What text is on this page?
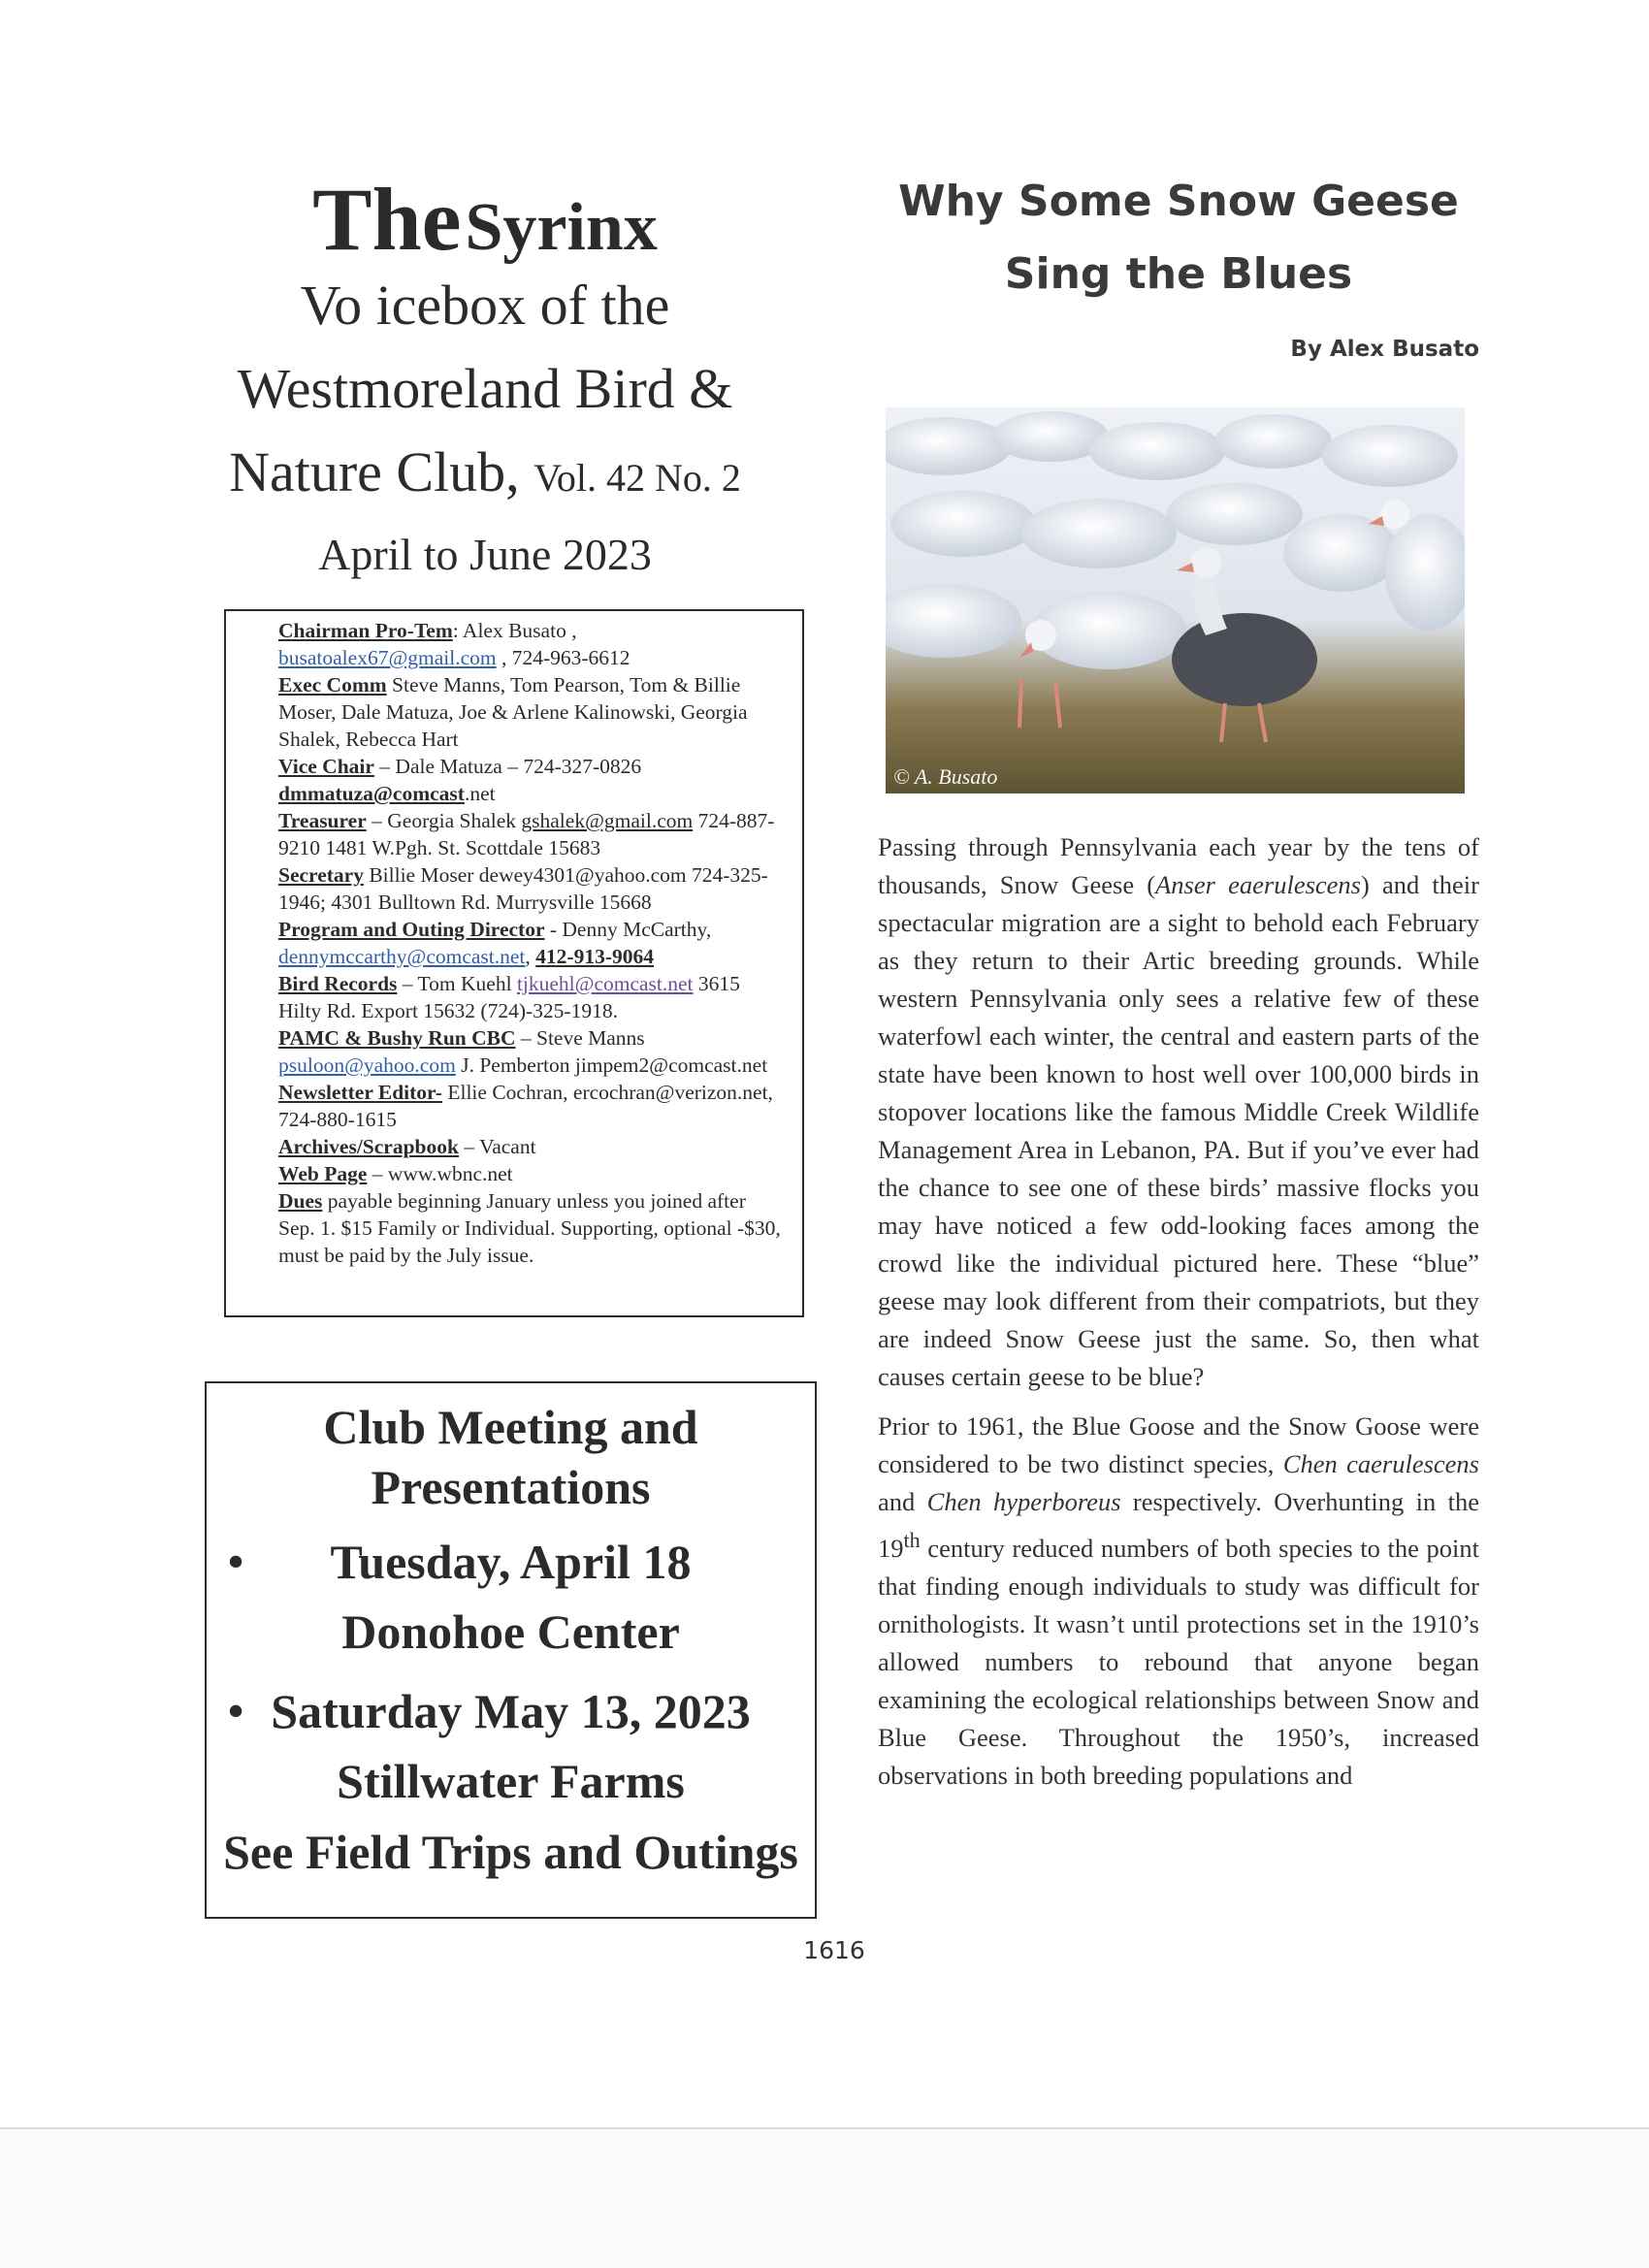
The Syrinx

Vo icebox of the
Westmoreland Bird &
Nature Club, Vol. 42 No. 2
April to June 2023

Chairman Pro-Tem: Alex Busato , busatoalex67@gmail.com , 724-963-6612

Exec Comm Steve Manns, Tom Pearson, Tom & Billie Moser, Dale Matuza, Joe & Arlene Kalinowski, Georgia Shalek, Rebecca Hart

Vice Chair – Dale Matuza – 724-327-0826 dmmatuza@comcast.net

Treasurer – Georgia Shalek gshalek@gmail.com 724-887-9210 1481 W.Pgh. St. Scottdale 15683

Secretary Billie Moser dewey4301@yahoo.com 724-325-1946; 4301 Bulltown Rd. Murrysville 15668

Program and Outing Director - Denny McCarthy, dennymccarthy@comcast.net, 412-913-9064

Bird Records – Tom Kuehl tjkuehl@comcast.net 3615 Hilty Rd. Export 15632 (724)-325-1918.

PAMC & Bushy Run CBC – Steve Manns
psuloon@yahoo.com J. Pemberton jimpem2@comcast.net

Newsletter Editor- Ellie Cochran, ercochran@verizon.net, 724-880-1615

Archives/Scrapbook – Vacant

Web Page – www.wbnc.net

Dues payable beginning January unless you joined after Sep. 1. $15 Family or Individual. Supporting, optional -$30, must be paid by the July issue.

Club Meeting and

Presentations

•	Tuesday, April 18

Donohoe Center

• Saturday May 13, 2023

Stillwater Farms

See Field Trips and Outings

Why Some Snow Geese
Sing the Blues
By Alex Busato
© A. Busato

Passing through Pennsylvania each year by the tens of thousands, Snow Geese (Anser eaerulescens) and their spectacular migration are a sight to behold each February as they return to their Artic breeding grounds. While western Pennsylvania only sees a relative few of these waterfowl each winter, the central and eastern parts of the state have been known to host well over 100,000 birds in stopover locations like the famous Middle Creek Wildlife Management Area in Lebanon, PA. But if you’ve ever had the chance to see one of these birds’ massive flocks you may have noticed a few odd-looking faces among the crowd like the individual pictured here. These “blue” geese may look different from their compatriots, but they are indeed Snow Geese just the same. So, then what causes certain geese to be blue?

Prior to 1961, the Blue Goose and the Snow Goose were considered to be two distinct species, Chen caerulescens and Chen hyperboreus respectively. Overhunting in the 19th century reduced numbers of both species to the point that finding enough individuals to study was difficult for ornithologists. It wasn’t until protections set in the 1910’s allowed numbers to rebound that anyone began examining the ecological relationships between Snow and Blue Geese. Throughout the 1950’s, increased observations in both breeding populations and

1616
